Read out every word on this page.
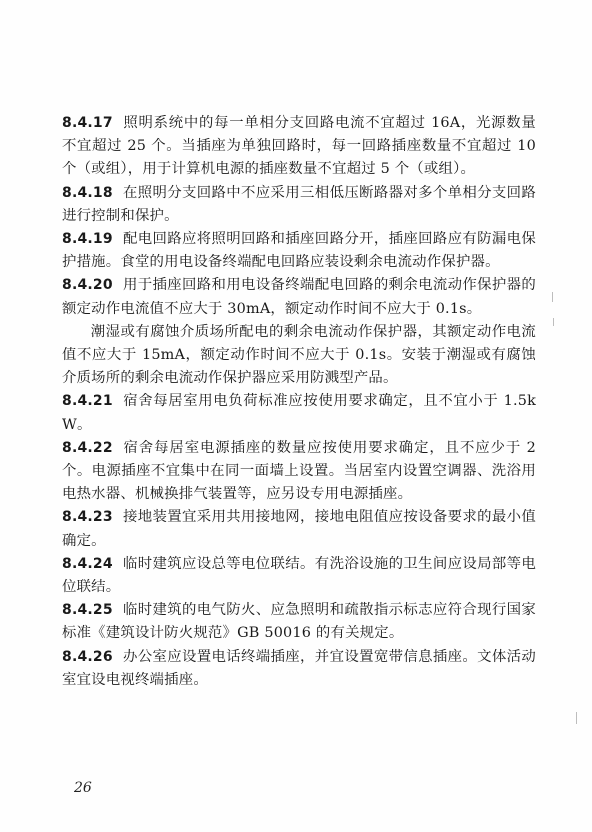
8.4.17 照明系统中的每一单相分支回路电流不宜超过 16A，光源数量不宜超过 25 个。当插座为单独回路时，每一回路插座数量不宜超过 10 个（或组），用于计算机电源的插座数量不宜超过 5 个（或组）。

8.4.18 在照明分支回路中不应采用三相低压断路器对多个单相分支回路进行控制和保护。

8.4.19 配电回路应将照明回路和插座回路分开，插座回路应有防漏电保护措施。食堂的用电设备终端配电回路应装设剩余电流动作保护器。

8.4.20 用于插座回路和用电设备终端配电回路的剩余电流动作保护器的额定动作电流值不应大于 30mA，额定动作时间不应大于 0.1s。

潮湿或有腐蚀介质场所配电的剩余电流动作保护器，其额定动作电流值不应大于 15mA，额定动作时间不应大于 0.1s。安装于潮湿或有腐蚀介质场所的剩余电流动作保护器应采用防溅型产品。

8.4.21 宿舍每居室用电负荷标准应按使用要求确定，且不宜小于 1.5kW。

8.4.22 宿舍每居室电源插座的数量应按使用要求确定，且不应少于 2 个。电源插座不宜集中在同一面墙上设置。当居室内设置空调器、洗浴用电热水器、机械换排气装置等，应另设专用电源插座。

8.4.23 接地装置宜采用共用接地网，接地电阻值应按设备要求的最小值确定。

8.4.24 临时建筑应设总等电位联结。有洗浴设施的卫生间应设局部等电位联结。

8.4.25 临时建筑的电气防火、应急照明和疏散指示标志应符合现行国家标准《建筑设计防火规范》GB 50016 的有关规定。

8.4.26 办公室应设置电话终端插座，并宜设置宽带信息插座。文体活动室宜设电视终端插座。

26
